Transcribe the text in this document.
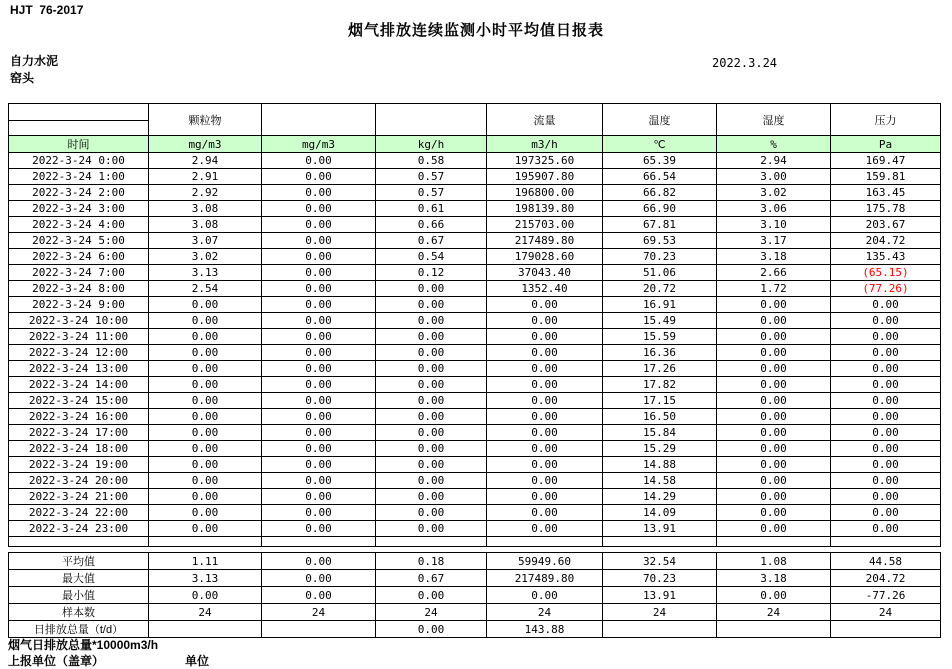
HJT  76-2017
烟气排放连续监测小时平均值日报表
自力水泥
窑头
2022.3.24
	颗粒物			流量	温度	湿度	压力
时间	mg/m3	mg/m3	kg/h	m3/h	℃	%	Pa
2022-3-24 0:00	2.94	0.00	0.58	197325.60	65.39	2.94	169.47
2022-3-24 1:00	2.91	0.00	0.57	195907.80	66.54	3.00	159.81
2022-3-24 2:00	2.92	0.00	0.57	196800.00	66.82	3.02	163.45
2022-3-24 3:00	3.08	0.00	0.61	198139.80	66.90	3.06	175.78
2022-3-24 4:00	3.08	0.00	0.66	215703.00	67.81	3.10	203.67
2022-3-24 5:00	3.07	0.00	0.67	217489.80	69.53	3.17	204.72
2022-3-24 6:00	3.02	0.00	0.54	179028.60	70.23	3.18	135.43
2022-3-24 7:00	3.13	0.00	0.12	37043.40	51.06	2.66	(65.15)
2022-3-24 8:00	2.54	0.00	0.00	1352.40	20.72	1.72	(77.26)
2022-3-24 9:00	0.00	0.00	0.00	0.00	16.91	0.00	0.00
2022-3-24 10:00	0.00	0.00	0.00	0.00	15.49	0.00	0.00
2022-3-24 11:00	0.00	0.00	0.00	0.00	15.59	0.00	0.00
2022-3-24 12:00	0.00	0.00	0.00	0.00	16.36	0.00	0.00
2022-3-24 13:00	0.00	0.00	0.00	0.00	17.26	0.00	0.00
2022-3-24 14:00	0.00	0.00	0.00	0.00	17.82	0.00	0.00
2022-3-24 15:00	0.00	0.00	0.00	0.00	17.15	0.00	0.00
2022-3-24 16:00	0.00	0.00	0.00	0.00	16.50	0.00	0.00
2022-3-24 17:00	0.00	0.00	0.00	0.00	15.84	0.00	0.00
2022-3-24 18:00	0.00	0.00	0.00	0.00	15.29	0.00	0.00
2022-3-24 19:00	0.00	0.00	0.00	0.00	14.88	0.00	0.00
2022-3-24 20:00	0.00	0.00	0.00	0.00	14.58	0.00	0.00
2022-3-24 21:00	0.00	0.00	0.00	0.00	14.29	0.00	0.00
2022-3-24 22:00	0.00	0.00	0.00	0.00	14.09	0.00	0.00
2022-3-24 23:00	0.00	0.00	0.00	0.00	13.91	0.00	0.00

平均值	1.11	0.00	0.18	59949.60	32.54	1.08	44.58
最大值	3.13	0.00	0.67	217489.80	70.23	3.18	204.72
最小值	0.00	0.00	0.00	0.00	13.91	0.00	-77.26
样本数	24	24	24	24	24	24	24
日排放总量（t/d）			0.00	143.88			
烟气日排放总量*10000m3/h
上报单位（盖章）	单位
